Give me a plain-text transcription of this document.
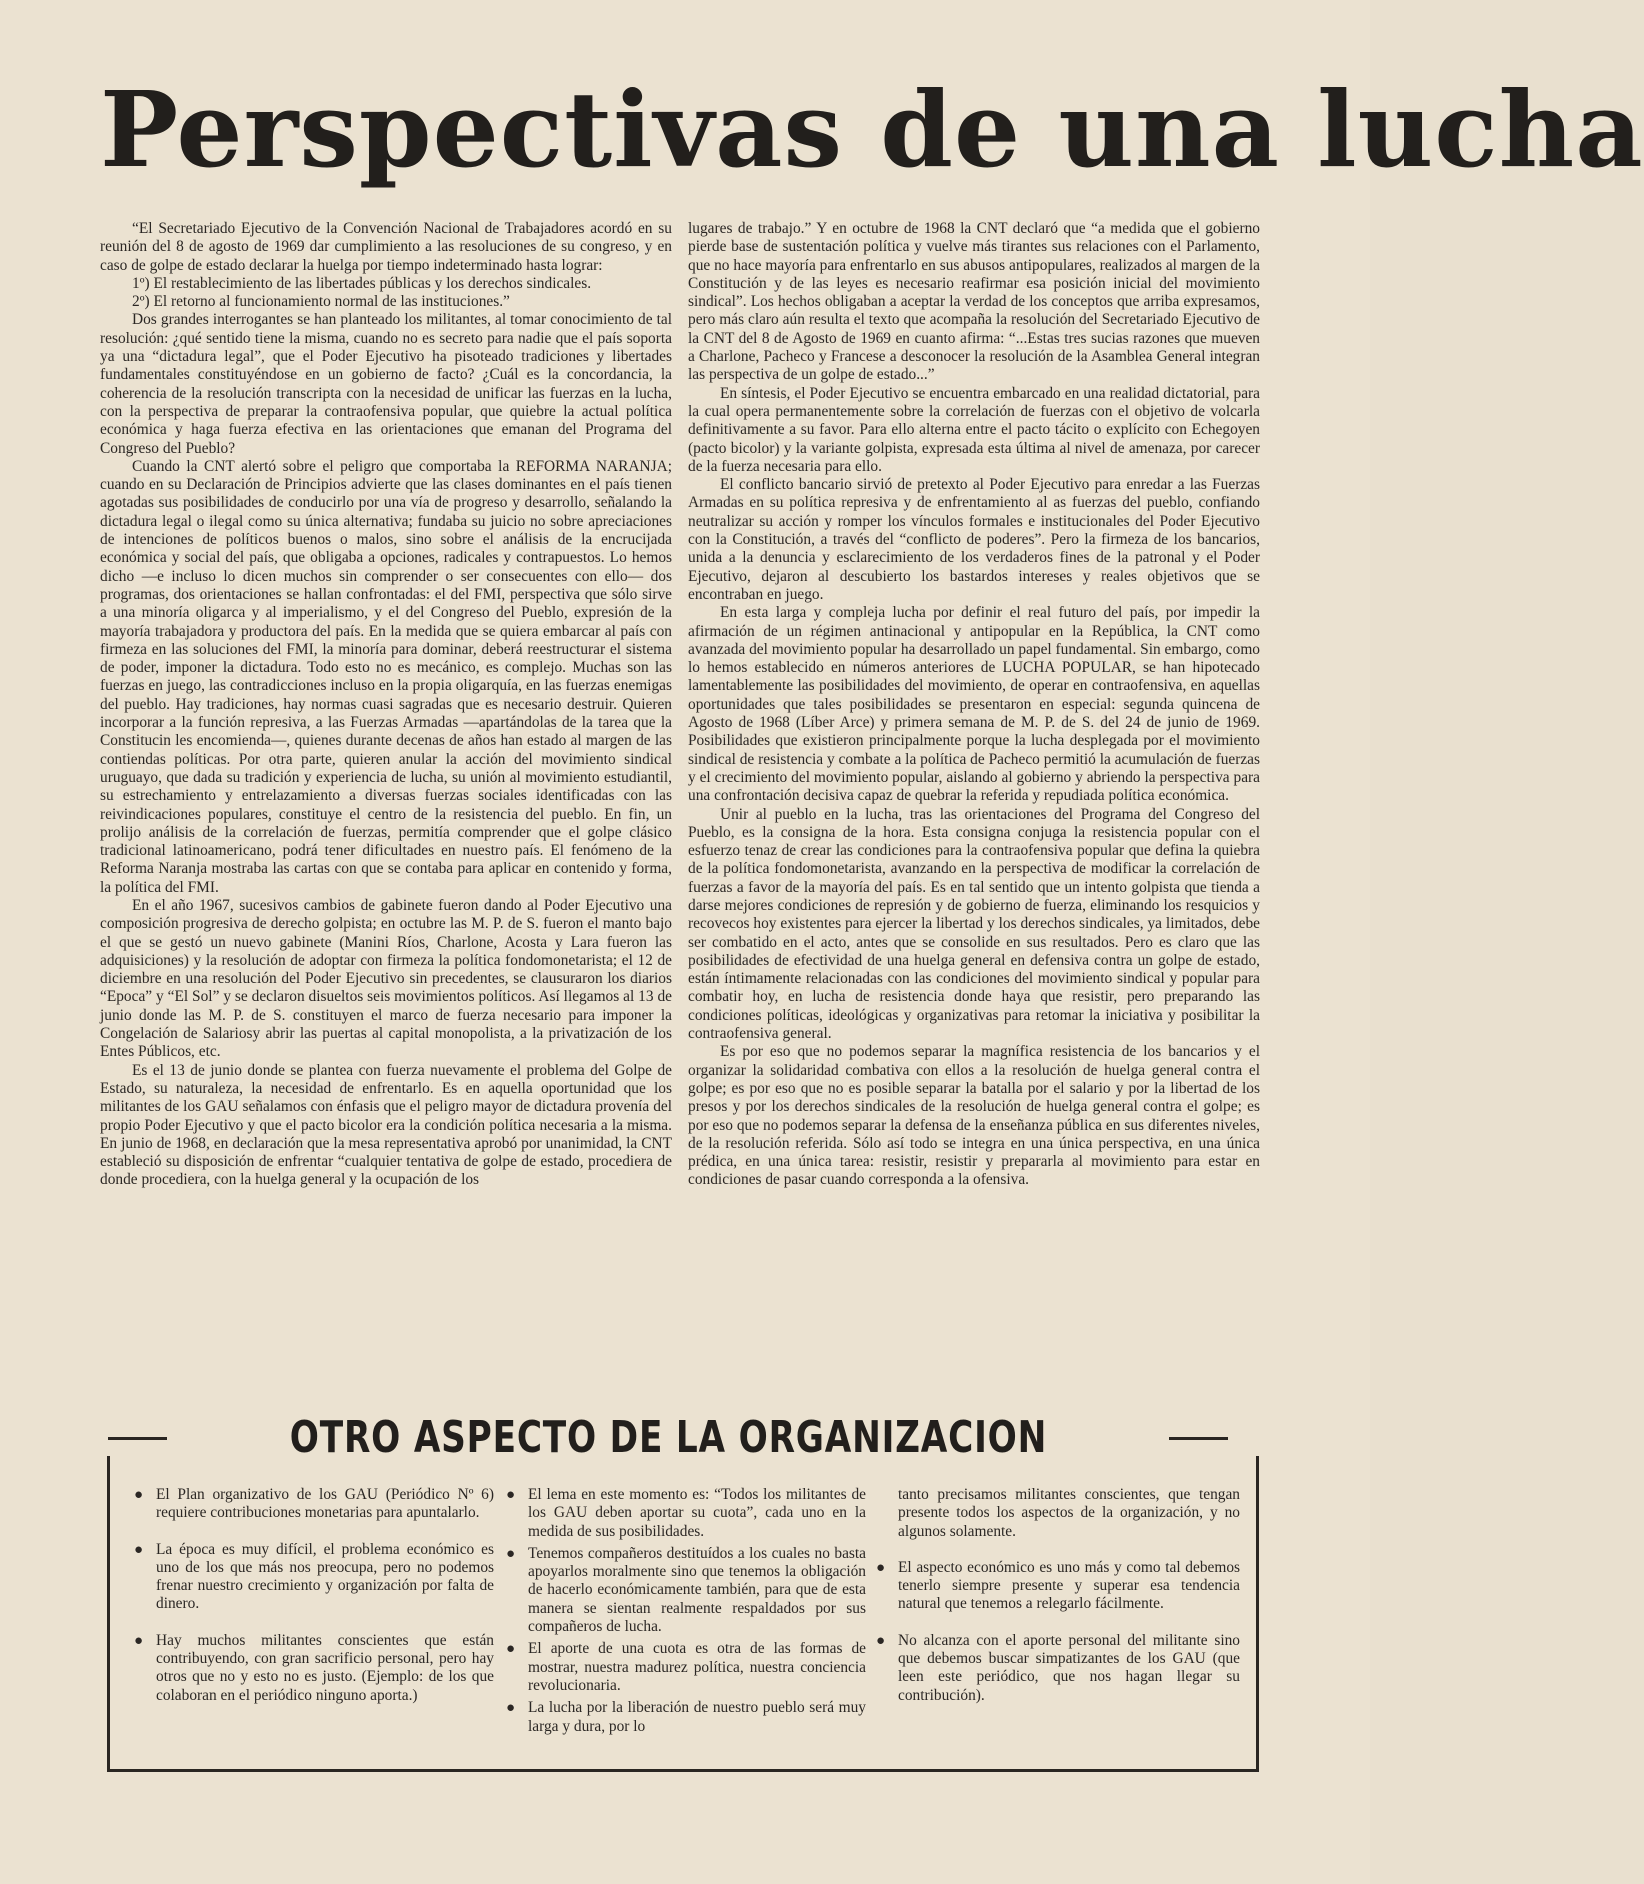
Perspectivas de una lucha

“El Secretariado Ejecutivo de la Convención Nacional de Trabajadores acordó en su reunión del 8 de agosto de 1969 dar cumplimiento a las resoluciones de su congreso, y en caso de golpe de estado declarar la huelga por tiempo indeterminado hasta lograr:

1º) El restablecimiento de las libertades públicas y los derechos sindicales.

2º) El retorno al funcionamiento normal de las instituciones.”

Dos grandes interrogantes se han planteado los militantes, al tomar conocimiento de tal resolución: ¿qué sentido tiene la misma, cuando no es secreto para nadie que el país soporta ya una “dictadura legal”, que el Poder Ejecutivo ha pisoteado tradiciones y libertades fundamentales constituyéndose en un gobierno de facto? ¿Cuál es la concordancia, la coherencia de la resolución transcripta con la necesidad de unificar las fuerzas en la lucha, con la perspectiva de preparar la contraofensiva popular, que quiebre la actual política económica y haga fuerza efectiva en las orientaciones que emanan del Programa del Congreso del Pueblo?

Cuando la CNT alertó sobre el peligro que comportaba la REFORMA NARANJA; cuando en su Declaración de Principios advierte que las clases dominantes en el país tienen agotadas sus posibilidades de conducirlo por una vía de progreso y desarrollo, señalando la dictadura legal o ilegal como su única alternativa; fundaba su juicio no sobre apreciaciones de intenciones de políticos buenos o malos, sino sobre el análisis de la encrucijada económica y social del país, que obligaba a opciones, radicales y contrapuestos. Lo hemos dicho —e incluso lo dicen muchos sin comprender o ser consecuentes con ello— dos programas, dos orientaciones se hallan confrontadas: el del FMI, perspectiva que sólo sirve a una minoría oligarca y al imperialismo, y el del Congreso del Pueblo, expresión de la mayoría trabajadora y productora del país. En la medida que se quiera embarcar al país con firmeza en las soluciones del FMI, la minoría para dominar, deberá reestructurar el sistema de poder, imponer la dictadura. Todo esto no es mecánico, es complejo. Muchas son las fuerzas en juego, las contradicciones incluso en la propia oligarquía, en las fuerzas enemigas del pueblo. Hay tradiciones, hay normas cuasi sagradas que es necesario destruir. Quieren incorporar a la función represiva, a las Fuerzas Armadas —apartándolas de la tarea que la Constitucin les encomienda—, quienes durante decenas de años han estado al margen de las contiendas políticas. Por otra parte, quieren anular la acción del movimiento sindical uruguayo, que dada su tradición y experiencia de lucha, su unión al movimiento estudiantil, su estrechamiento y entrelazamiento a diversas fuerzas sociales identificadas con las reivindicaciones populares, constituye el centro de la resistencia del pueblo. En fin, un prolijo análisis de la correlación de fuerzas, permitía comprender que el golpe clásico tradicional latinoamericano, podrá tener dificultades en nuestro país. El fenómeno de la Reforma Naranja mostraba las cartas con que se contaba para aplicar en contenido y forma, la política del FMI.

En el año 1967, sucesivos cambios de gabinete fueron dando al Poder Ejecutivo una composición progresiva de derecho golpista; en octubre las M. P. de S. fueron el manto bajo el que se gestó un nuevo gabinete (Manini Ríos, Charlone, Acosta y Lara fueron las adquisiciones) y la resolución de adoptar con firmeza la política fondomonetarista; el 12 de diciembre en una resolución del Poder Ejecutivo sin precedentes, se clausuraron los diarios “Epoca” y “El Sol” y se declaron disueltos seis movimientos políticos. Así llegamos al 13 de junio donde las M. P. de S. constituyen el marco de fuerza necesario para imponer la Congelación de Salariosy abrir las puertas al capital monopolista, a la privatización de los Entes Públicos, etc.

Es el 13 de junio donde se plantea con fuerza nuevamente el problema del Golpe de Estado, su naturaleza, la necesidad de enfrentarlo. Es en aquella oportunidad que los militantes de los GAU señalamos con énfasis que el peligro mayor de dictadura provenía del propio Poder Ejecutivo y que el pacto bicolor era la condición política necesaria a la misma. En junio de 1968, en declaración que la mesa representativa aprobó por unanimidad, la CNT estableció su disposición de enfrentar “cualquier tentativa de golpe de estado, procediera de donde procediera, con la huelga general y la ocupación de los

lugares de trabajo.” Y en octubre de 1968 la CNT declaró que “a medida que el gobierno pierde base de sustentación política y vuelve más tirantes sus relaciones con el Parlamento, que no hace mayoría para enfrentarlo en sus abusos antipopulares, realizados al margen de la Constitución y de las leyes es necesario reafirmar esa posición inicial del movimiento sindical”. Los hechos obligaban a aceptar la verdad de los conceptos que arriba expresamos, pero más claro aún resulta el texto que acompaña la resolución del Secretariado Ejecutivo de la CNT del 8 de Agosto de 1969 en cuanto afirma: “...Estas tres sucias razones que mueven a Charlone, Pacheco y Francese a desconocer la resolución de la Asamblea General integran las perspectiva de un golpe de estado...”

En síntesis, el Poder Ejecutivo se encuentra embarcado en una realidad dictatorial, para la cual opera permanentemente sobre la correlación de fuerzas con el objetivo de volcarla definitivamente a su favor. Para ello alterna entre el pacto tácito o explícito con Echegoyen (pacto bicolor) y la variante golpista, expresada esta última al nivel de amenaza, por carecer de la fuerza necesaria para ello.

El conflicto bancario sirvió de pretexto al Poder Ejecutivo para enredar a las Fuerzas Armadas en su política represiva y de enfrentamiento al as fuerzas del pueblo, confiando neutralizar su acción y romper los vínculos formales e institucionales del Poder Ejecutivo con la Constitución, a través del “conflicto de poderes”. Pero la firmeza de los bancarios, unida a la denuncia y esclarecimiento de los verdaderos fines de la patronal y el Poder Ejecutivo, dejaron al descubierto los bastardos intereses y reales objetivos que se encontraban en juego.

En esta larga y compleja lucha por definir el real futuro del país, por impedir la afirmación de un régimen antinacional y antipopular en la República, la CNT como avanzada del movimiento popular ha desarrollado un papel fundamental. Sin embargo, como lo hemos establecido en números anteriores de LUCHA POPULAR, se han hipotecado lamentablemente las posibilidades del movimiento, de operar en contraofensiva, en aquellas oportunidades que tales posibilidades se presentaron en especial: segunda quincena de Agosto de 1968 (Líber Arce) y primera semana de M. P. de S. del 24 de junio de 1969. Posibilidades que existieron principalmente porque la lucha desplegada por el movimiento sindical de resistencia y combate a la política de Pacheco permitió la acumulación de fuerzas y el crecimiento del movimiento popular, aislando al gobierno y abriendo la perspectiva para una confrontación decisiva capaz de quebrar la referida y repudiada política económica.

Unir al pueblo en la lucha, tras las orientaciones del Programa del Congreso del Pueblo, es la consigna de la hora. Esta consigna conjuga la resistencia popular con el esfuerzo tenaz de crear las condiciones para la contraofensiva popular que defina la quiebra de la política fondomonetarista, avanzando en la perspectiva de modificar la correlación de fuerzas a favor de la mayoría del país. Es en tal sentido que un intento golpista que tienda a darse mejores condiciones de represión y de gobierno de fuerza, eliminando los resquicios y recovecos hoy existentes para ejercer la libertad y los derechos sindicales, ya limitados, debe ser combatido en el acto, antes que se consolide en sus resultados. Pero es claro que las posibilidades de efectividad de una huelga general en defensiva contra un golpe de estado, están íntimamente relacionadas con las condiciones del movimiento sindical y popular para combatir hoy, en lucha de resistencia donde haya que resistir, pero preparando las condiciones políticas, ideológicas y organizativas para retomar la iniciativa y posibilitar la contraofensiva general.

Es por eso que no podemos separar la magnífica resistencia de los bancarios y el organizar la solidaridad combativa con ellos a la resolución de huelga general contra el golpe; es por eso que no es posible separar la batalla por el salario y por la libertad de los presos y por los derechos sindicales de la resolución de huelga general contra el golpe; es por eso que no podemos separar la defensa de la enseñanza pública en sus diferentes niveles, de la resolución referida. Sólo así todo se integra en una única perspectiva, en una única prédica, en una única tarea: resistir, resistir y prepararla al movimiento para estar en condiciones de pasar cuando corresponda a la ofensiva.

OTRO ASPECTO DE LA ORGANIZACION
● El Plan organizativo de los GAU (Periódico Nº 6) requiere contribuciones monetarias para apuntalarlo.
● La época es muy difícil, el problema económico es uno de los que más nos preocupa, pero no podemos frenar nuestro crecimiento y organización por falta de dinero.
● Hay muchos militantes conscientes que están contribuyendo, con gran sacrificio personal, pero hay otros que no y esto no es justo. (Ejemplo: de los que colaboran en el periódico ninguno aporta.)
● El lema en este momento es: “Todos los militantes de los GAU deben aportar su cuota”, cada uno en la medida de sus posibilidades.
● Tenemos compañeros destituídos a los cuales no basta apoyarlos moralmente sino que tenemos la obligación de hacerlo económicamente también, para que de esta manera se sientan realmente respaldados por sus compañeros de lucha.
● El aporte de una cuota es otra de las formas de mostrar, nuestra madurez política, nuestra conciencia revolucionaria.
● La lucha por la liberación de nuestro pueblo será muy larga y dura, por lo
tanto precisamos militantes conscientes, que tengan presente todos los aspectos de la organización, y no algunos solamente.
● El aspecto económico es uno más y como tal debemos tenerlo siempre presente y superar esa tendencia natural que tenemos a relegarlo fácilmente.
● No alcanza con el aporte personal del militante sino que debemos buscar simpatizantes de los GAU (que leen este periódico, que nos hagan llegar su contribución).
